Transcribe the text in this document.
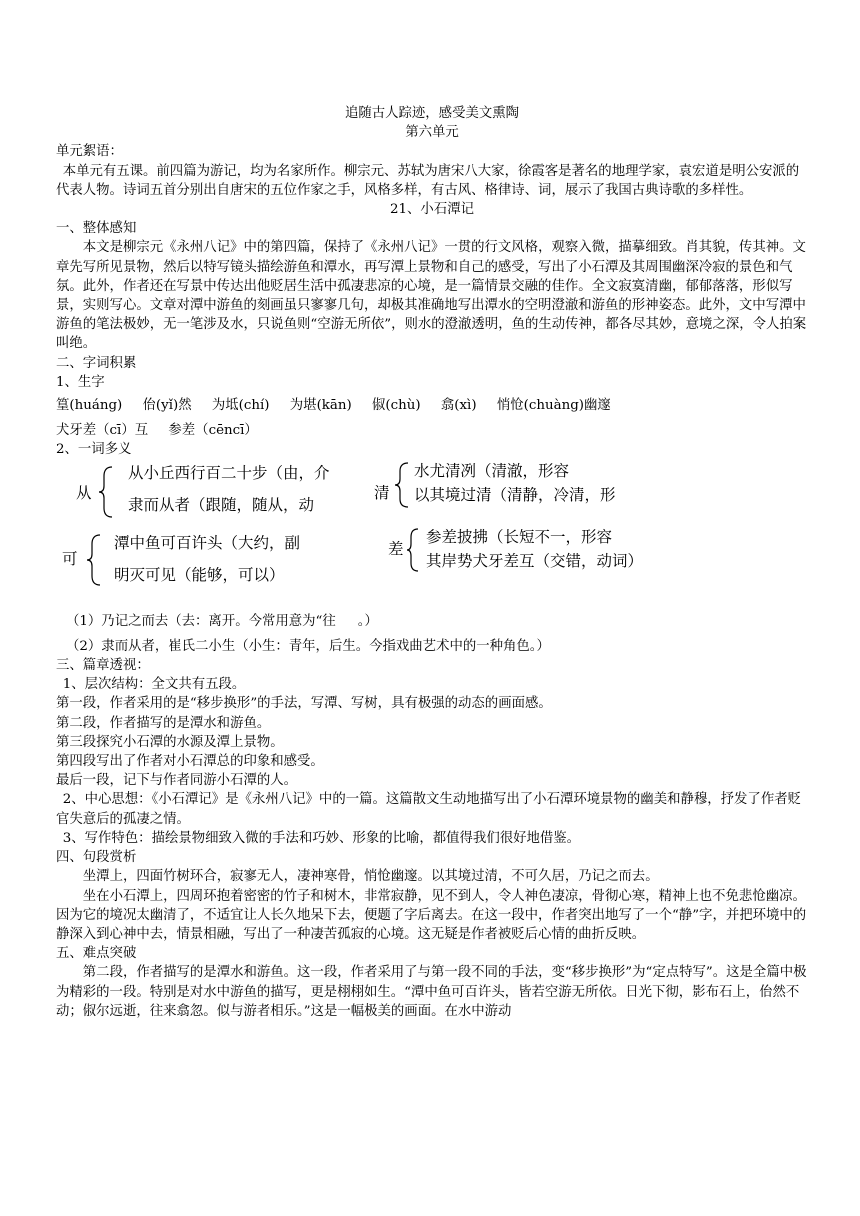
追随古人踪迹，感受美文熏陶
第六单元
单元絮语：
本单元有五课。前四篇为游记，均为名家所作。柳宗元、苏轼为唐宋八大家，徐霞客是著名的地理学家，袁宏道是明公安派的代表人物。诗词五首分别出自唐宋的五位作家之手，风格多样，有古风、格律诗、词，展示了我国古典诗歌的多样性。
21、小石潭记
一、整体感知
本文是柳宗元《永州八记》中的第四篇，保持了《永州八记》一贯的行文风格，观察入微，描摹细致。肖其貌，传其神。文章先写所见景物，然后以特写镜头描绘游鱼和潭水，再写潭上景物和自己的感受，写出了小石潭及其周围幽深冷寂的景色和气氛。此外，作者还在写景中传达出他贬居生活中孤凄悲凉的心境，是一篇情景交融的佳作。全文寂寞清幽，郁郁落落，形似写景，实则写心。文章对潭中游鱼的刻画虽只寥寥几句，却极其准确地写出潭水的空明澄澈和游鱼的形神姿态。此外，文中写潭中游鱼的笔法极妙，无一笔涉及水，只说鱼则“空游无所依”，则水的澄澈透明，鱼的生动传神，都各尽其妙，意境之深，令人拍案叫绝。
二、字词积累
1、生字
篁(huáng) 佁(yǐ)然 为坻(chí) 为堪(kān) 俶(chù) 翕(xì) 悄怆(chuàng)幽邃
犬牙差（cī）互 参差（cēncī）
2、一词多义
从
从小丘西行百二十步（由，介
隶而从者（跟随，随从，动
清
水尤清冽（清澈，形容
以其境过清（清静，冷清，形
可
潭中鱼可百许头（大约，副
明灭可见（能够，可以）
差
参差披拂（长短不一，形容
其岸势犬牙差互（交错，动词）
（1）乃记之而去（去：离开。今常用意为“往 。）
（2）隶而从者，崔氏二小生（小生：青年，后生。今指戏曲艺术中的一种角色。）
三、篇章透视：
1、层次结构：全文共有五段。
第一段，作者采用的是“移步换形”的手法，写潭、写树，具有极强的动态的画面感。
第二段，作者描写的是潭水和游鱼。
第三段探究小石潭的水源及潭上景物。
第四段写出了作者对小石潭总的印象和感受。
最后一段，记下与作者同游小石潭的人。
2、中心思想：《小石潭记》是《永州八记》中的一篇。这篇散文生动地描写出了小石潭环境景物的幽美和静穆，抒发了作者贬官失意后的孤凄之情。
3、写作特色：描绘景物细致入微的手法和巧妙、形象的比喻，都值得我们很好地借鉴。
四、句段赏析
坐潭上，四面竹树环合，寂寥无人，凄神寒骨，悄怆幽邃。以其境过清，不可久居，乃记之而去。
坐在小石潭上，四周环抱着密密的竹子和树木，非常寂静，见不到人，令人神色凄凉，骨彻心寒，精神上也不免悲怆幽凉。因为它的境况太幽清了，不适宜让人长久地呆下去，便题了字后离去。在这一段中，作者突出地写了一个“静”字，并把环境中的静深入到心神中去，情景相融，写出了一种凄苦孤寂的心境。这无疑是作者被贬后心情的曲折反映。
五、难点突破
第二段，作者描写的是潭水和游鱼。这一段，作者采用了与第一段不同的手法，变“移步换形”为“定点特写”。这是全篇中极为精彩的一段。特别是对水中游鱼的描写，更是栩栩如生。“潭中鱼可百许头，皆若空游无所依。日光下彻，影布石上，佁然不动；俶尔远逝，往来翕忽。似与游者相乐。”这是一幅极美的画面。在水中游动
